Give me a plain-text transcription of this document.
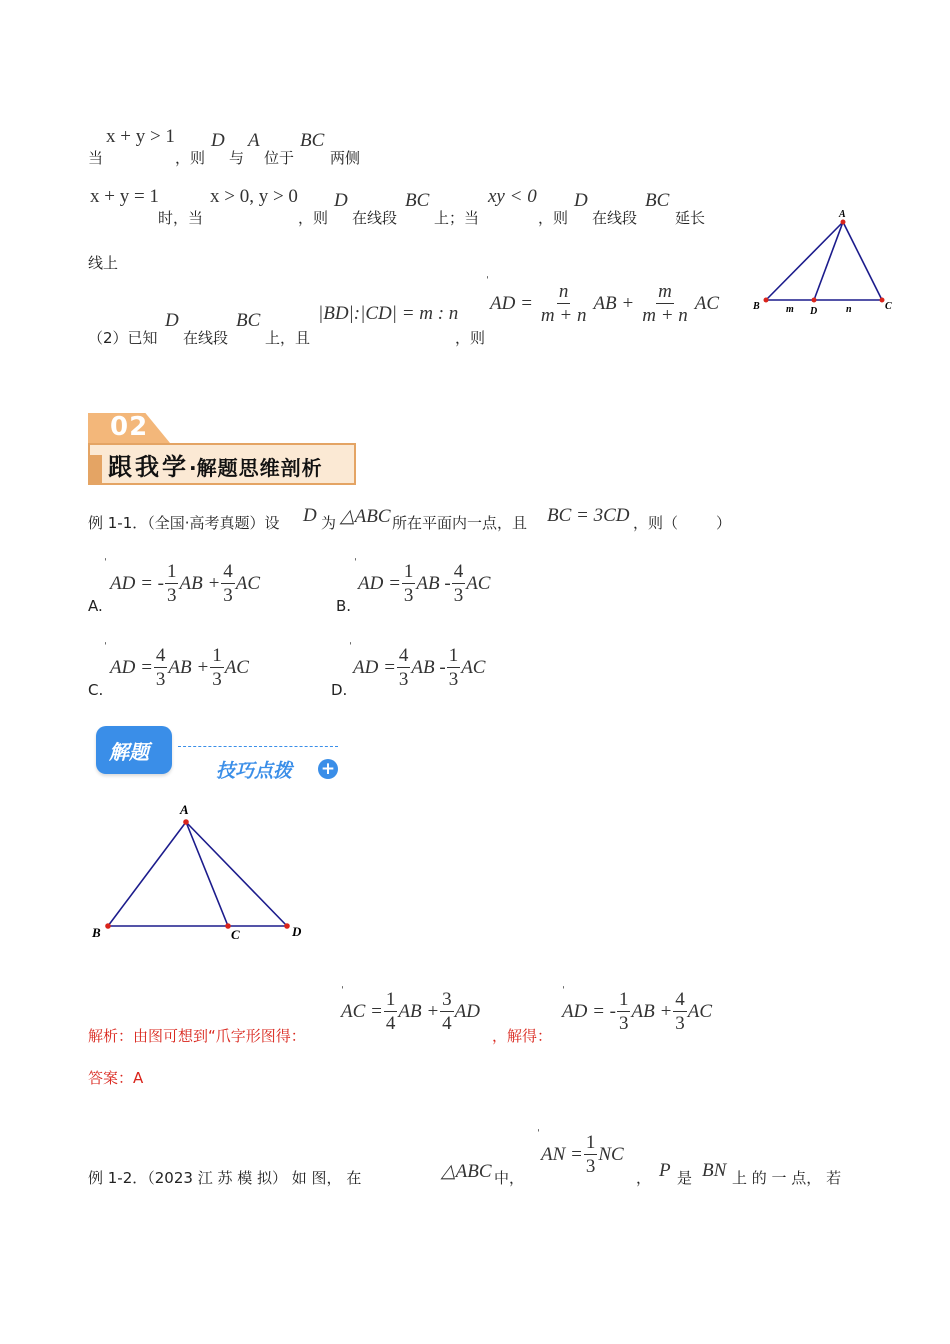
当
x + y > 1
，则
D
与
A
位于
BC
两侧
x + y = 1
时，当
x > 0, y > 0
，则
D
在线段
BC
上；当
xy < 0
，则
D
在线段
BC
延长
线上
（2）已知
D
在线段
BC
上，且
|BD|:|CD| = m : n
，则
ˈ
AD = $\frac{n}{m + n}$ AB + $\frac{m}{m + n}$ AC
A
B	D	C
m	n
02
跟我学 · 解题思维剖析
例 1-1．（全国·高考真题）设 D 为 △ABC 所在平面内一点，且 BC = 3CD ，则（	）
A.
ˈ
AD = - $\frac{1}{3}$ AB + $\frac{4}{3}$ AC
B.
ˈ
AD = $\frac{1}{3}$ AB - $\frac{4}{3}$ AC
C.
ˈ
AD = $\frac{4}{3}$ AB + $\frac{1}{3}$ AC
D.
ˈ
AD = $\frac{4}{3}$ AB - $\frac{1}{3}$ AC
解题
技巧点拨 +
A
B	C	D
解析：由图可想到“爪字形图得：
ˈ
AC = $\frac{1}{4}$ AB + $\frac{3}{4}$ AD
，解得：
ˈ
AD = - $\frac{1}{3}$ AB + $\frac{4}{3}$ AC
答案：A
例 1-2．（2023 江 苏 模 拟） 如 图， 在	△ABC 中，
ˈ
AN = $\frac{1}{3}$ NC
， P 是 BN 上 的 一 点， 若
